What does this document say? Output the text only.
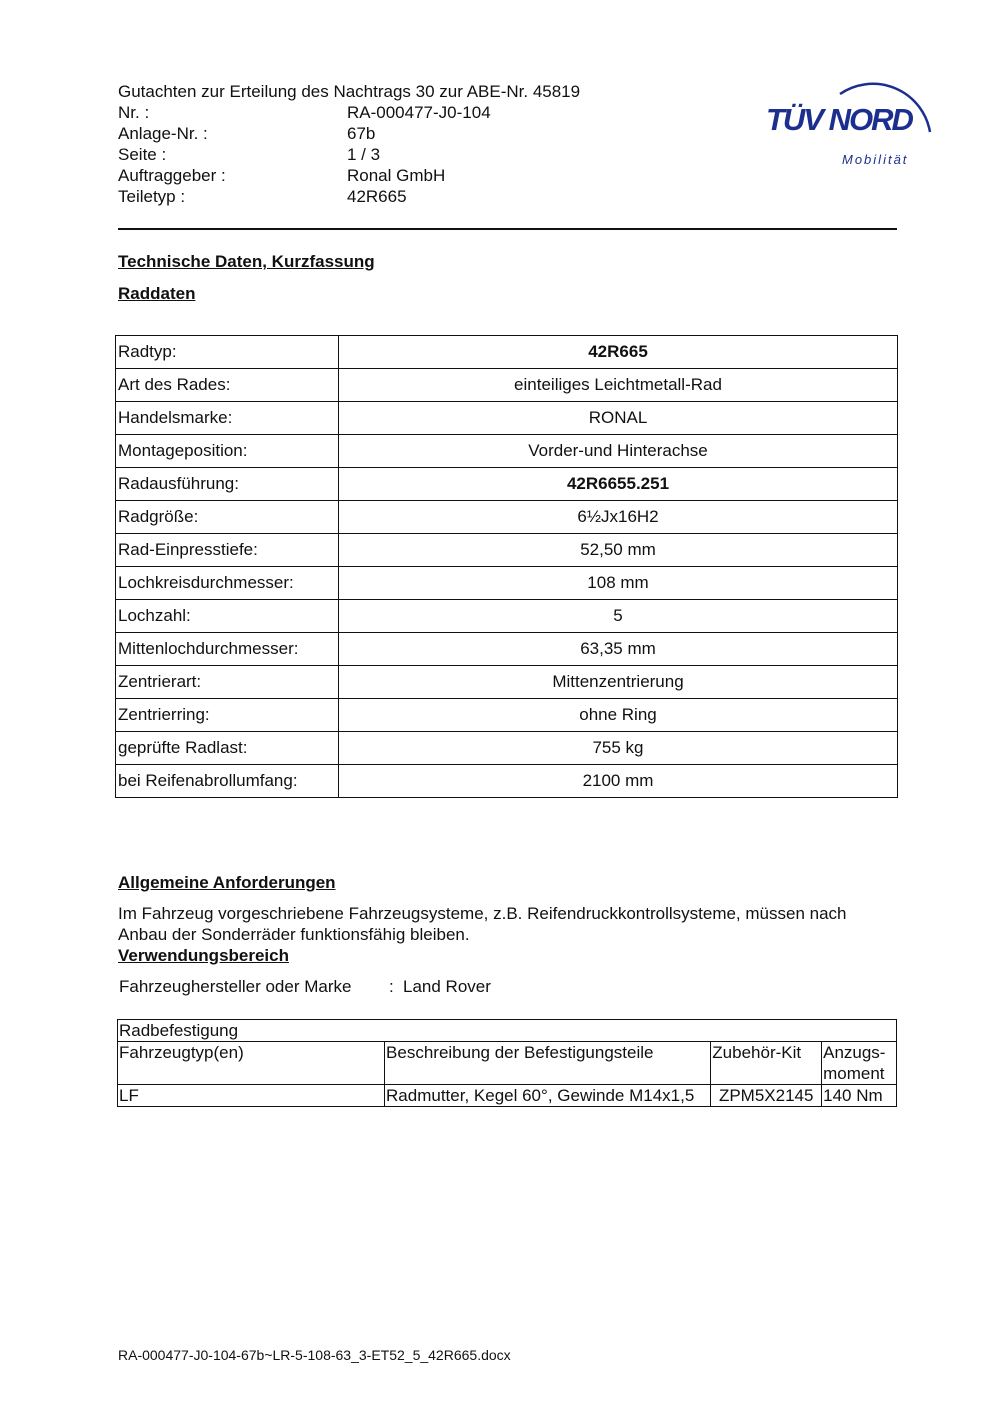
Gutachten zur Erteilung des Nachtrags 30 zur ABE-Nr. 45819
Nr. :	RA-000477-J0-104
Anlage-Nr. :	67b
Seite :	1 / 3
Auftraggeber :	Ronal GmbH
Teiletyp :	42R665
TÜV NORD
Mobilität
Technische Daten, Kurzfassung
Raddaten
Radtyp:	42R665
Art des Rades:	einteiliges Leichtmetall-Rad
Handelsmarke:	RONAL
Montageposition:	Vorder-und Hinterachse
Radausführung:	42R6655.251
Radgröße:	6½Jx16H2
Rad-Einpresstiefe:	52,50 mm
Lochkreisdurchmesser:	108 mm
Lochzahl:	5
Mittenlochdurchmesser:	63,35 mm
Zentrierart:	Mittenzentrierung
Zentrierring:	ohne Ring
geprüfte Radlast:	755 kg
bei Reifenabrollumfang:	2100 mm
Allgemeine Anforderungen
Im Fahrzeug vorgeschriebene Fahrzeugsysteme, z.B. Reifendruckkontrollsysteme, müssen nach Anbau der Sonderräder funktionsfähig bleiben.
Verwendungsbereich
Fahrzeughersteller oder Marke	: Land Rover
Radbefestigung			
Fahrzeugtyp(en)	Beschreibung der Befestigungsteile	Zubehör-Kit	Anzugs-moment
LF	Radmutter, Kegel 60°, Gewinde M14x1,5	ZPM5X2145	140 Nm
RA-000477-J0-104-67b~LR-5-108-63_3-ET52_5_42R665.docx
